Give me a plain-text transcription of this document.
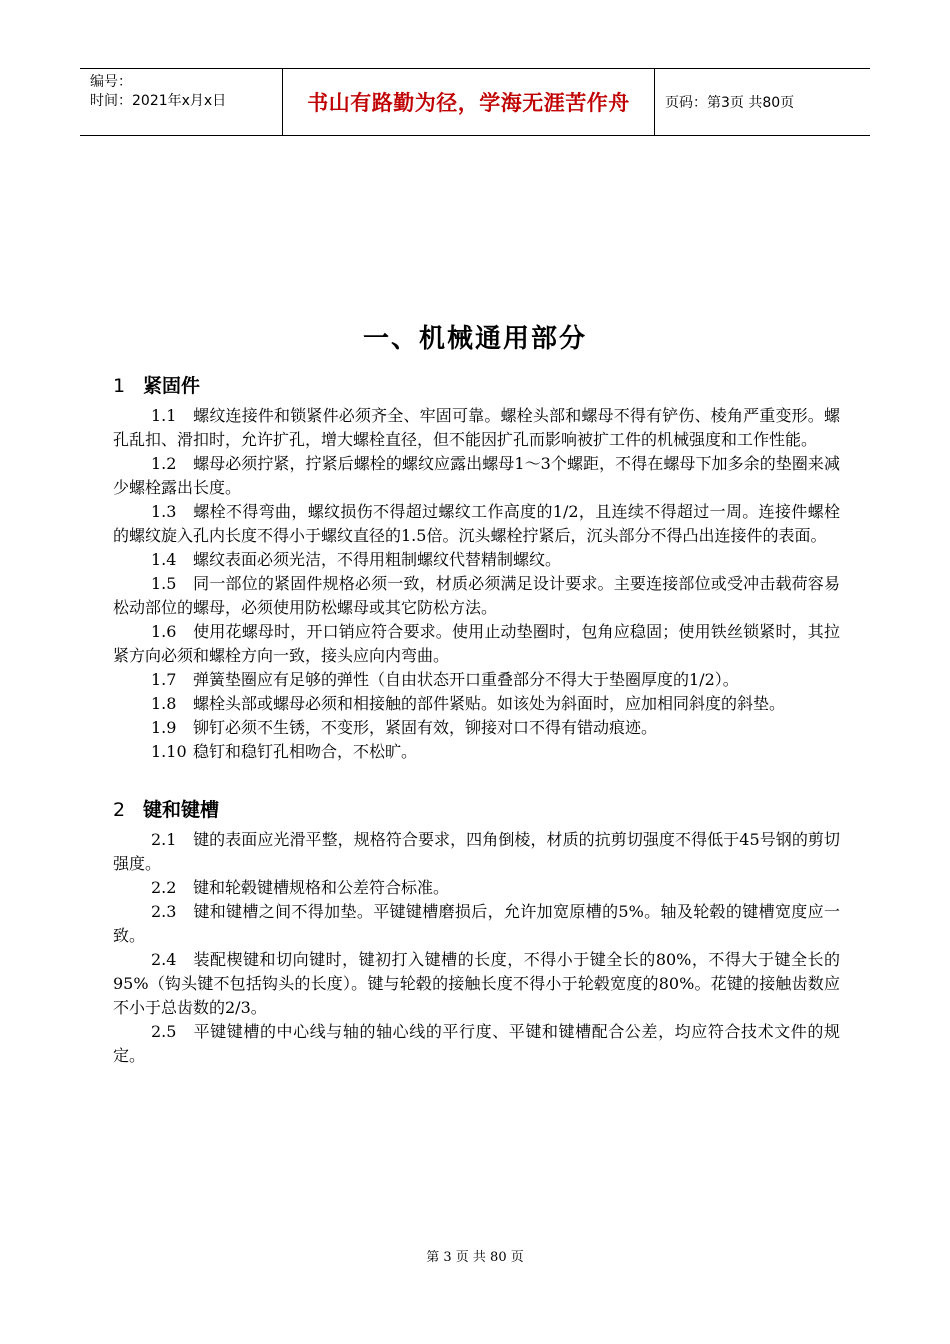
编号：
时间：2021年x月x日	书山有路勤为径，学海无涯苦作舟	页码：第3页 共80页
一、机械通用部分
1 紧固件

1.1 螺纹连接件和锁紧件必须齐全、牢固可靠。螺栓头部和螺母不得有铲伤、棱角严重变形。螺孔乱扣、滑扣时，允许扩孔，增大螺栓直径，但不能因扩孔而影响被扩工件的机械强度和工作性能。

1.2 螺母必须拧紧，拧紧后螺栓的螺纹应露出螺母1～3个螺距，不得在螺母下加多余的垫圈来减少螺栓露出长度。

1.3 螺栓不得弯曲，螺纹损伤不得超过螺纹工作高度的1/2，且连续不得超过一周。连接件螺栓的螺纹旋入孔内长度不得小于螺纹直径的1.5倍。沉头螺栓拧紧后，沉头部分不得凸出连接件的表面。

1.4 螺纹表面必须光洁，不得用粗制螺纹代替精制螺纹。

1.5 同一部位的紧固件规格必须一致，材质必须满足设计要求。主要连接部位或受冲击载荷容易松动部位的螺母，必须使用防松螺母或其它防松方法。

1.6 使用花螺母时，开口销应符合要求。使用止动垫圈时，包角应稳固；使用铁丝锁紧时，其拉紧方向必须和螺栓方向一致，接头应向内弯曲。

1.7 弹簧垫圈应有足够的弹性（自由状态开口重叠部分不得大于垫圈厚度的1/2）。

1.8 螺栓头部或螺母必须和相接触的部件紧贴。如该处为斜面时，应加相同斜度的斜垫。

1.9 铆钉必须不生锈，不变形，紧固有效，铆接对口不得有错动痕迹。

1.10 稳钉和稳钉孔相吻合，不松旷。

2 键和键槽

2.1 键的表面应光滑平整，规格符合要求，四角倒棱，材质的抗剪切强度不得低于45号钢的剪切强度。

2.2 键和轮毂键槽规格和公差符合标准。

2.3 键和键槽之间不得加垫。平键键槽磨损后，允许加宽原槽的5%。轴及轮毂的键槽宽度应一致。

2.4 装配楔键和切向键时，键初打入键槽的长度，不得小于键全长的80%，不得大于键全长的95%（钩头键不包括钩头的长度）。键与轮毂的接触长度不得小于轮毂宽度的80%。花键的接触齿数应不小于总齿数的2/3。

2.5 平键键槽的中心线与轴的轴心线的平行度、平键和键槽配合公差，均应符合技术文件的规定。

第 3 页 共 80 页
